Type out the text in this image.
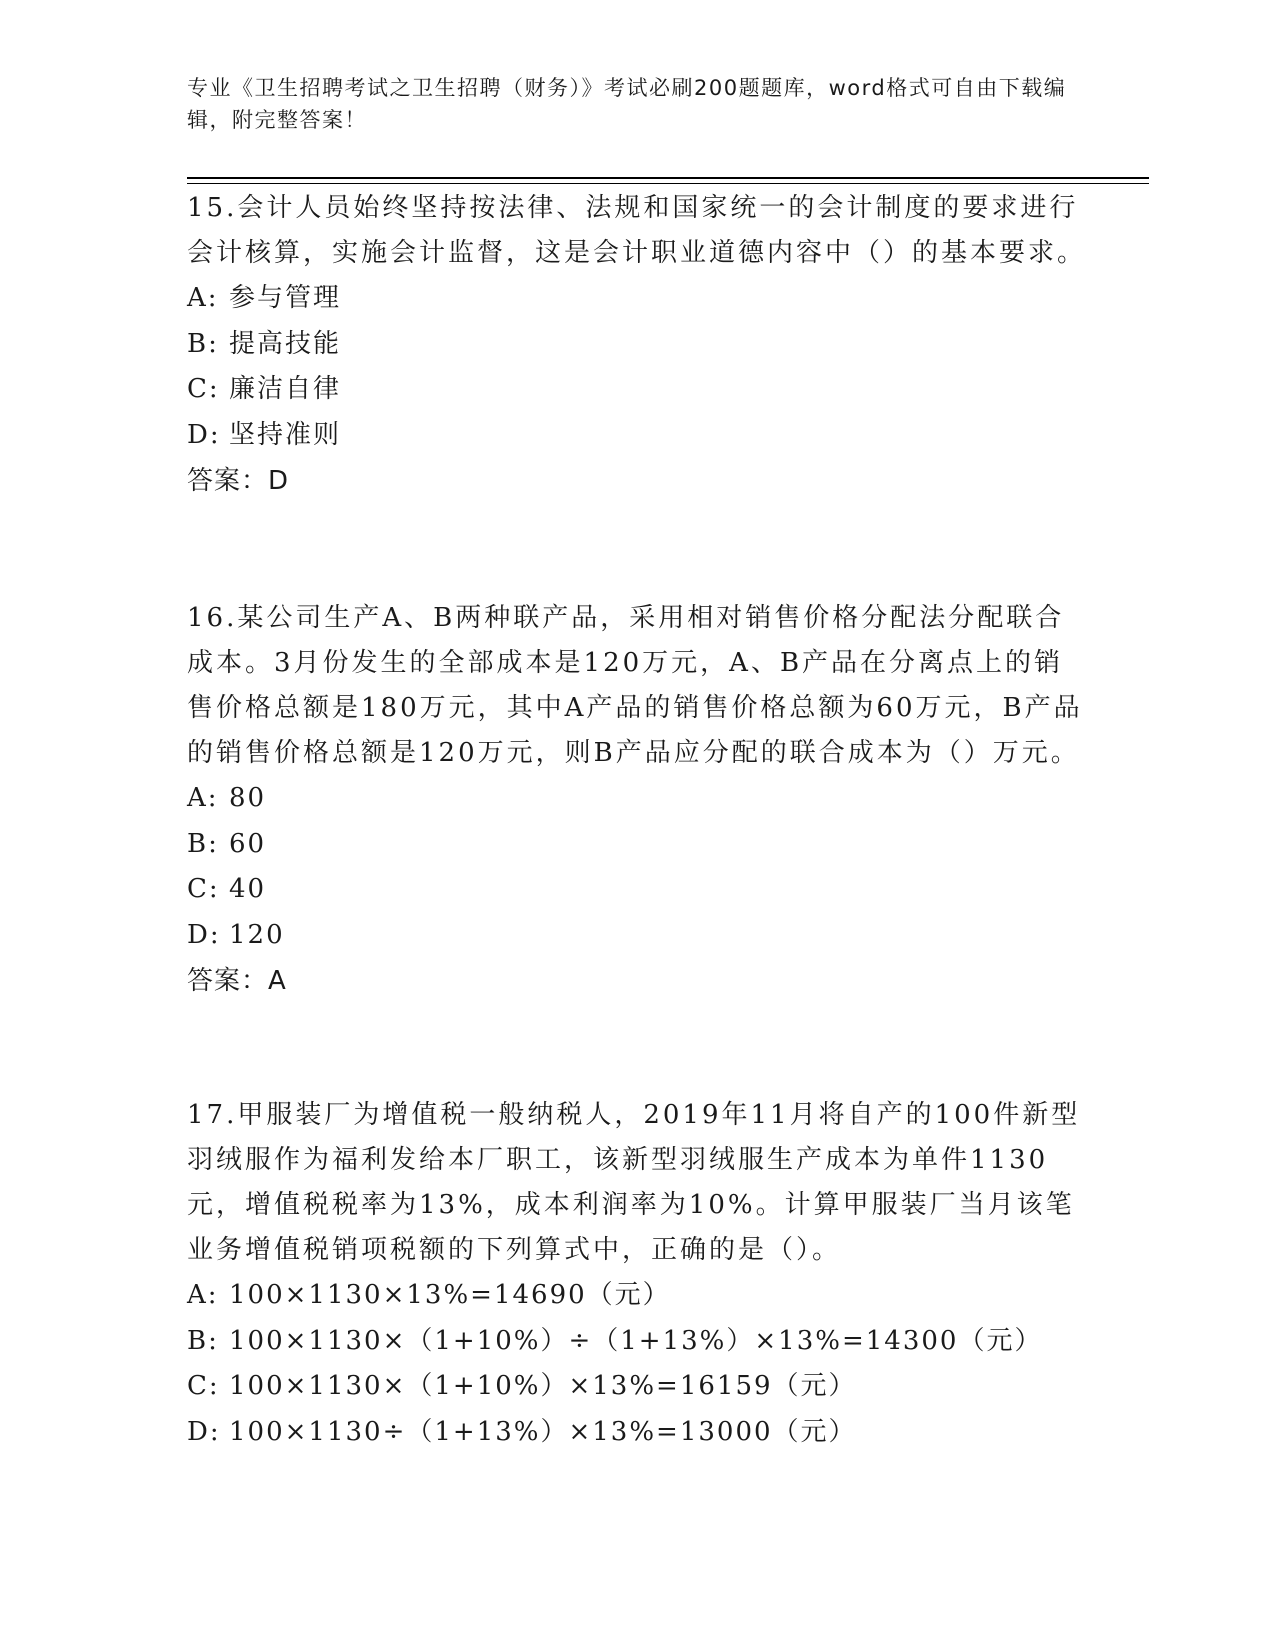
专业《卫生招聘考试之卫生招聘（财务）》考试必刷200题题库，word格式可自由下载编辑，附完整答案！

15.会计人员始终坚持按法律、法规和国家统一的会计制度的要求进行会计核算，实施会计监督，这是会计职业道德内容中（）的基本要求。

A: 参与管理

B: 提高技能

C: 廉洁自律

D: 坚持准则

答案：D

16.某公司生产A、B两种联产品，采用相对销售价格分配法分配联合成本。3月份发生的全部成本是120万元，A、B产品在分离点上的销售价格总额是180万元，其中A产品的销售价格总额为60万元，B产品的销售价格总额是120万元，则B产品应分配的联合成本为（）万元。

A: 80

B: 60

C: 40

D: 120

答案：A

17.甲服装厂为增值税一般纳税人，2019年11月将自产的100件新型羽绒服作为福利发给本厂职工，该新型羽绒服生产成本为单件1130元，增值税税率为13%，成本利润率为10%。计算甲服装厂当月该笔业务增值税销项税额的下列算式中，正确的是（）。

A: 100×1130×13%=14690（元）

B: 100×1130×（1+10%）÷（1+13%）×13%=14300（元）

C: 100×1130×（1+10%）×13%=16159（元）

D: 100×1130÷（1+13%）×13%=13000（元）
